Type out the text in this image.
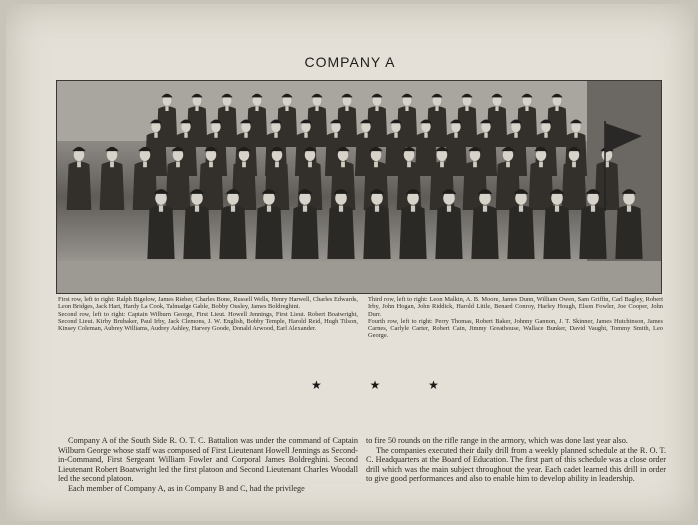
COMPANY A

First row, left to right: Ralph Bigelow, James Rieber, Charles Bone, Russell Wells, Henry Harwell, Charles Edwards, Leon Bridges, Jack Hart, Hardy La Cook, Talmadge Gable, Bobby Ousley, James Boldreghini.

Second row, left to right: Captain Wilburn George, First Lieut. Howell Jennings, First Lieut. Robert Boatwright, Second Lieut. Kirby Brubaker, Paul Irby, Jack Clemons, J. W. English, Bobby Temple, Harold Reid, Hugh Tilson, Kinsey Coleman, Aubrey Williams, Audrey Ashley, Harvey Goode, Donald Arwood, Earl Alexander.

Third row, left to right: Leon Malkin, A. B. Moore, James Dunn, William Owen, Sam Griffin, Carl Bagley, Robert Irby, John Hogan, John Riddick, Harold Little, Benard Conroy, Harley Hough, Elson Fowler, Joe Cooper, John Durr.

Fourth row, left to right: Perry Thomas, Robert Baker, Johnny Gannon, J. T. Skinner, James Hutchinson, James Carnes, Carlyle Carter, Robert Cain, Jimmy Greathouse, Wallace Bunker, David Vaught, Tommy Smith, Leo George.

★ ★ ★

Company A of the South Side R. O. T. C. Battalion was under the command of Captain Wilburn George whose staff was composed of First Lieutenant Howell Jennings as Second-in-Command, First Sergeant William Fowler and Corporal James Boldreghini. Second Lieutenant Robert Boatwright led the first platoon and Second Lieutenant Charles Woodall led the second platoon.

Each member of Company A, as in Company B and C, had the privilege

to fire 50 rounds on the rifle range in the armory, which was done last year also.

The companies executed their daily drill from a weekly planned schedule at the R. O. T. C. Headquarters at the Board of Education. The first part of this schedule was a close order drill which was the main subject throughout the year. Each cadet learned this drill in order to give good performances and also to enable him to develop ability in leadership.
